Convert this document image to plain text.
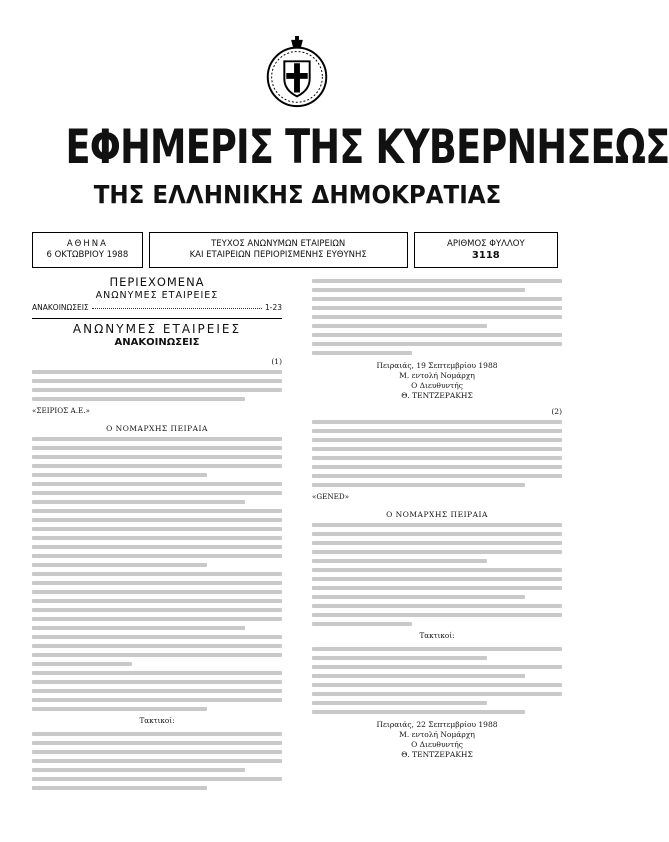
ΕΦΗΜΕΡΙΣ ΤΗΣ ΚΥΒΕΡΝΗΣΕΩΣ
ΤΗΣ ΕΛΛΗΝΙΚΗΣ ΔΗΜΟΚΡΑΤΙΑΣ
ΑΘΗΝΑ
6 ΟΚΤΩΒΡΙΟΥ 1988
ΤΕΥΧΟΣ ΑΝΩΝΥΜΩΝ ΕΤΑΙΡΕΙΩΝ
ΚΑΙ ΕΤΑΙΡΕΙΩΝ ΠΕΡΙΟΡΙΣΜΕΝΗΣ ΕΥΘΥΝΗΣ
ΑΡΙΘΜΟΣ ΦΥΛΛΟΥ
3118
ΠΕΡΙΕΧΟΜΕΝΑ
ΑΝΩΝΥΜΕΣ ΕΤΑΙΡΕΙΕΣ
ΑΝΑΚΟΙΝΩΣΕΙΣ	1-23
ΑΝΩΝΥΜΕΣ ΕΤΑΙΡΕΙΕΣ
ΑΝΑΚΟΙΝΩΣΕΙΣ
(1)
«ΣΕΙΡΙΟΣ Α.Ε.»
Ο ΝΟΜΑΡΧΗΣ ΠΕΙΡΑΙΑ
Τακτικοί:
Πειραιάς, 19 Σεπτεμβρίου 1988
Μ. εντολή Νομάρχη
Ο Διευθυντής
Θ. ΤΕΝΤΖΕΡΑΚΗΣ
(2)
«GENED»
Ο ΝΟΜΑΡΧΗΣ ΠΕΙΡΑΙΑ
Τακτικοί:
Πειραιάς, 22 Σεπτεμβρίου 1988
Μ. εντολή Νομάρχη
Ο Διευθυντής
Θ. ΤΕΝΤΖΕΡΑΚΗΣ
